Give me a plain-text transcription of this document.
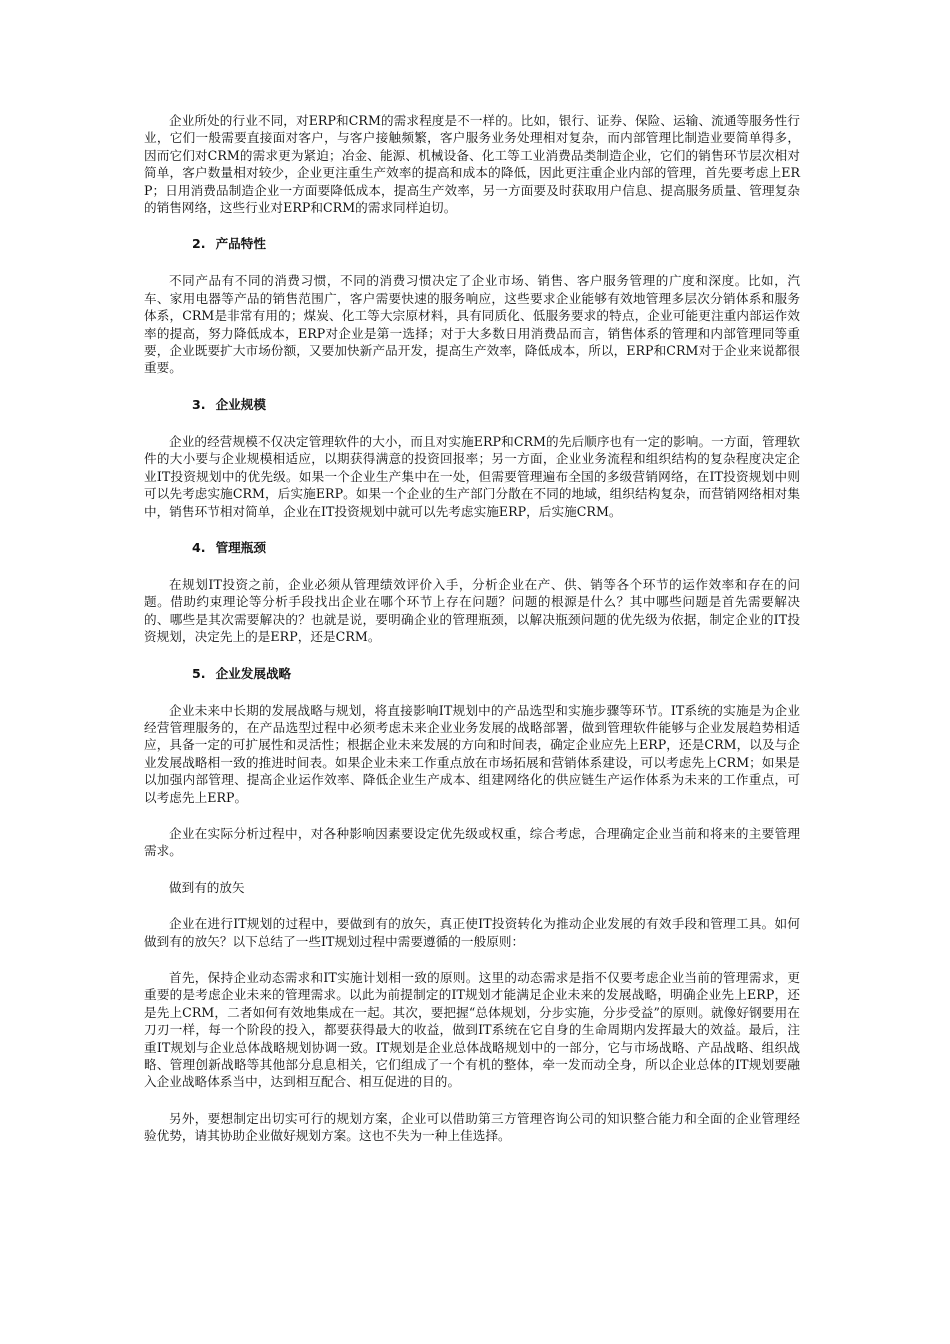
企业所处的行业不同，对ERP和CRM的需求程度是不一样的。比如，银行、证券、保险、运输、流通等服务性行业，它们一般需要直接面对客户，与客户接触频繁，客户服务业务处理相对复杂，而内部管理比制造业要简单得多，因而它们对CRM的需求更为紧迫；冶金、能源、机械设备、化工等工业消费品类制造企业，它们的销售环节层次相对简单，客户数量相对较少，企业更注重生产效率的提高和成本的降低，因此更注重企业内部的管理，首先要考虑上ERP；日用消费品制造企业一方面要降低成本，提高生产效率，另一方面要及时获取用户信息、提高服务质量、管理复杂的销售网络，这些行业对ERP和CRM的需求同样迫切。

2. 产品特性

不同产品有不同的消费习惯，不同的消费习惯决定了企业市场、销售、客户服务管理的广度和深度。比如，汽车、家用电器等产品的销售范围广，客户需要快速的服务响应，这些要求企业能够有效地管理多层次分销体系和服务体系，CRM是非常有用的；煤炭、化工等大宗原材料，具有同质化、低服务要求的特点，企业可能更注重内部运作效率的提高，努力降低成本，ERP对企业是第一选择；对于大多数日用消费品而言，销售体系的管理和内部管理同等重要，企业既要扩大市场份额，又要加快新产品开发，提高生产效率，降低成本，所以，ERP和CRM对于企业来说都很重要。

3. 企业规模

企业的经营规模不仅决定管理软件的大小，而且对实施ERP和CRM的先后顺序也有一定的影响。一方面，管理软件的大小要与企业规模相适应，以期获得满意的投资回报率；另一方面，企业业务流程和组织结构的复杂程度决定企业IT投资规划中的优先级。如果一个企业生产集中在一处，但需要管理遍布全国的多级营销网络，在IT投资规划中则可以先考虑实施CRM，后实施ERP。如果一个企业的生产部门分散在不同的地域，组织结构复杂，而营销网络相对集中，销售环节相对简单，企业在IT投资规划中就可以先考虑实施ERP，后实施CRM。

4. 管理瓶颈

在规划IT投资之前，企业必须从管理绩效评价入手，分析企业在产、供、销等各个环节的运作效率和存在的问题。借助约束理论等分析手段找出企业在哪个环节上存在问题？问题的根源是什么？其中哪些问题是首先需要解决的、哪些是其次需要解决的？也就是说，要明确企业的管理瓶颈，以解决瓶颈问题的优先级为依据，制定企业的IT投资规划，决定先上的是ERP，还是CRM。

5. 企业发展战略

企业未来中长期的发展战略与规划，将直接影响IT规划中的产品选型和实施步骤等环节。IT系统的实施是为企业经营管理服务的，在产品选型过程中必须考虑未来企业业务发展的战略部署，做到管理软件能够与企业发展趋势相适应，具备一定的可扩展性和灵活性；根据企业未来发展的方向和时间表，确定企业应先上ERP，还是CRM，以及与企业发展战略相一致的推进时间表。如果企业未来工作重点放在市场拓展和营销体系建设，可以考虑先上CRM；如果是以加强内部管理、提高企业运作效率、降低企业生产成本、组建网络化的供应链生产运作体系为未来的工作重点，可以考虑先上ERP。

企业在实际分析过程中，对各种影响因素要设定优先级或权重，综合考虑，合理确定企业当前和将来的主要管理需求。

做到有的放矢

企业在进行IT规划的过程中，要做到有的放矢，真正使IT投资转化为推动企业发展的有效手段和管理工具。如何做到有的放矢？以下总结了一些IT规划过程中需要遵循的一般原则：

首先，保持企业动态需求和IT实施计划相一致的原则。这里的动态需求是指不仅要考虑企业当前的管理需求，更重要的是考虑企业未来的管理需求。以此为前提制定的IT规划才能满足企业未来的发展战略，明确企业先上ERP，还是先上CRM，二者如何有效地集成在一起。其次，要把握“总体规划，分步实施，分步受益”的原则。就像好钢要用在刀刃一样，每一个阶段的投入，都要获得最大的收益，做到IT系统在它自身的生命周期内发挥最大的效益。最后，注重IT规划与企业总体战略规划协调一致。IT规划是企业总体战略规划中的一部分，它与市场战略、产品战略、组织战略、管理创新战略等其他部分息息相关，它们组成了一个有机的整体，牵一发而动全身，所以企业总体的IT规划要融入企业战略体系当中，达到相互配合、相互促进的目的。

另外，要想制定出切实可行的规划方案，企业可以借助第三方管理咨询公司的知识整合能力和全面的企业管理经验优势，请其协助企业做好规划方案。这也不失为一种上佳选择。
